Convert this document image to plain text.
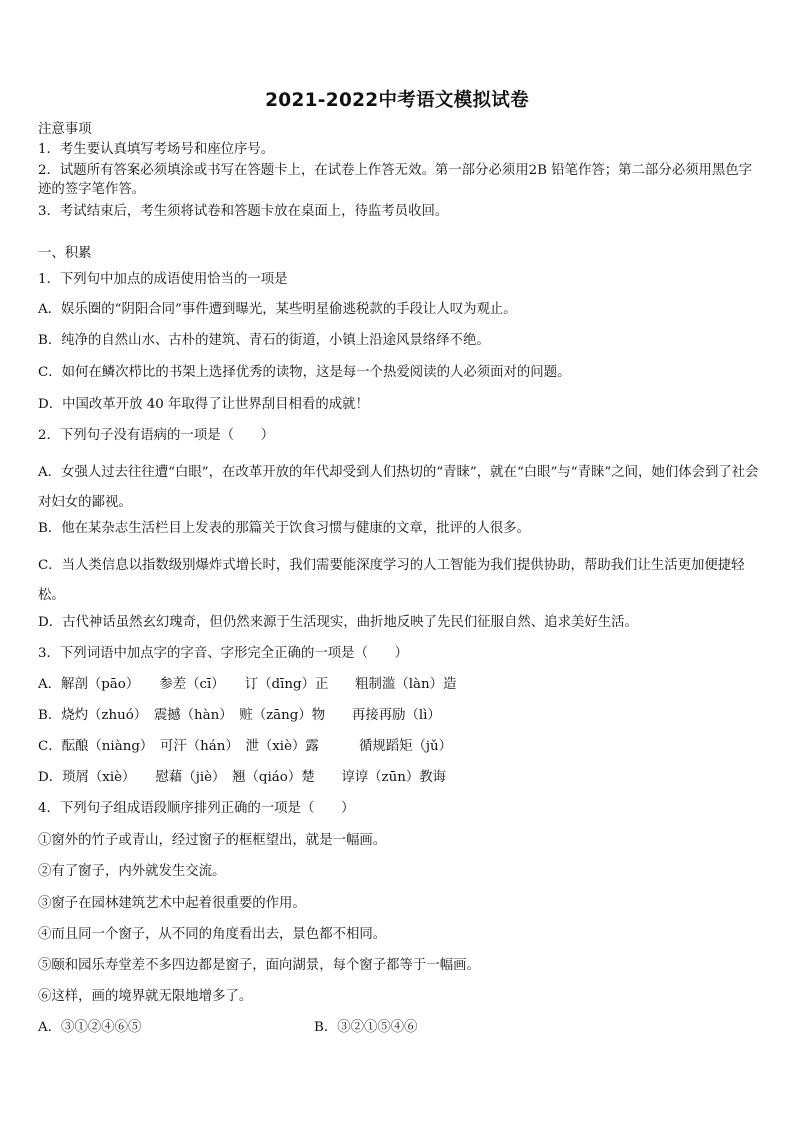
2021-2022中考语文模拟试卷
注意事项
1．考生要认真填写考场号和座位序号。
2．试题所有答案必须填涂或书写在答题卡上，在试卷上作答无效。第一部分必须用2B 铅笔作答；第二部分必须用黑色字迹的签字笔作答。
3．考试结束后，考生须将试卷和答题卡放在桌面上，待监考员收回。
一、积累
1．下列句中加点的成语使用恰当的一项是
A．娱乐圈的“阴阳合同”事件遭到曝光，某些明星偷逃税款的手段让人叹为观止。
B．纯净的自然山水、古朴的建筑、青石的街道，小镇上沿途风景络绎不绝。
C．如何在鳞次栉比的书架上选择优秀的读物，这是每一个热爱阅读的人必须面对的问题。
D．中国改革开放 40 年取得了让世界刮目相看的成就！
2．下列句子没有语病的一项是（　　）
A．女强人过去往往遭“白眼”，在改革开放的年代却受到人们热切的“青睐”，就在“白眼”与“青睐”之间，她们体会到了社会对妇女的鄙视。
B．他在某杂志生活栏目上发表的那篇关于饮食习惯与健康的文章，批评的人很多。
C．当人类信息以指数级别爆炸式增长时，我们需要能深度学习的人工智能为我们提供协助，帮助我们让生活更加便捷轻松。
D．古代神话虽然玄幻瑰奇，但仍然来源于生活现实，曲折地反映了先民们征服自然、追求美好生活。
3．下列词语中加点字的字音、字形完全正确的一项是（　　）
A．解剖（pāo）　　参差（cī）　　订（dīng）正　　粗制滥（làn）造
B．烧灼（zhuó）　震撼（hàn）　赃（zāng）物　　再接再励（lì）
C．酝酿（niàng）　可汗（hán）　泄（xiè）露　　　循规蹈矩（jǔ）
D．琐屑（xiè）　　慰藉（jiè）　翘（qiáo）楚　　谆谆（zūn）教诲
4．下列句子组成语段顺序排列正确的一项是（　　）
①窗外的竹子或青山，经过窗子的框框望出，就是一幅画。
②有了窗子，内外就发生交流。
③窗子在园林建筑艺术中起着很重要的作用。
④而且同一个窗子，从不同的角度看出去，景色都不相同。
⑤颐和园乐寿堂差不多四边都是窗子，面向湖景，每个窗子都等于一幅画。
⑥这样，画的境界就无限地增多了。
A．③①②④⑥⑤	B．③②①⑤④⑥
